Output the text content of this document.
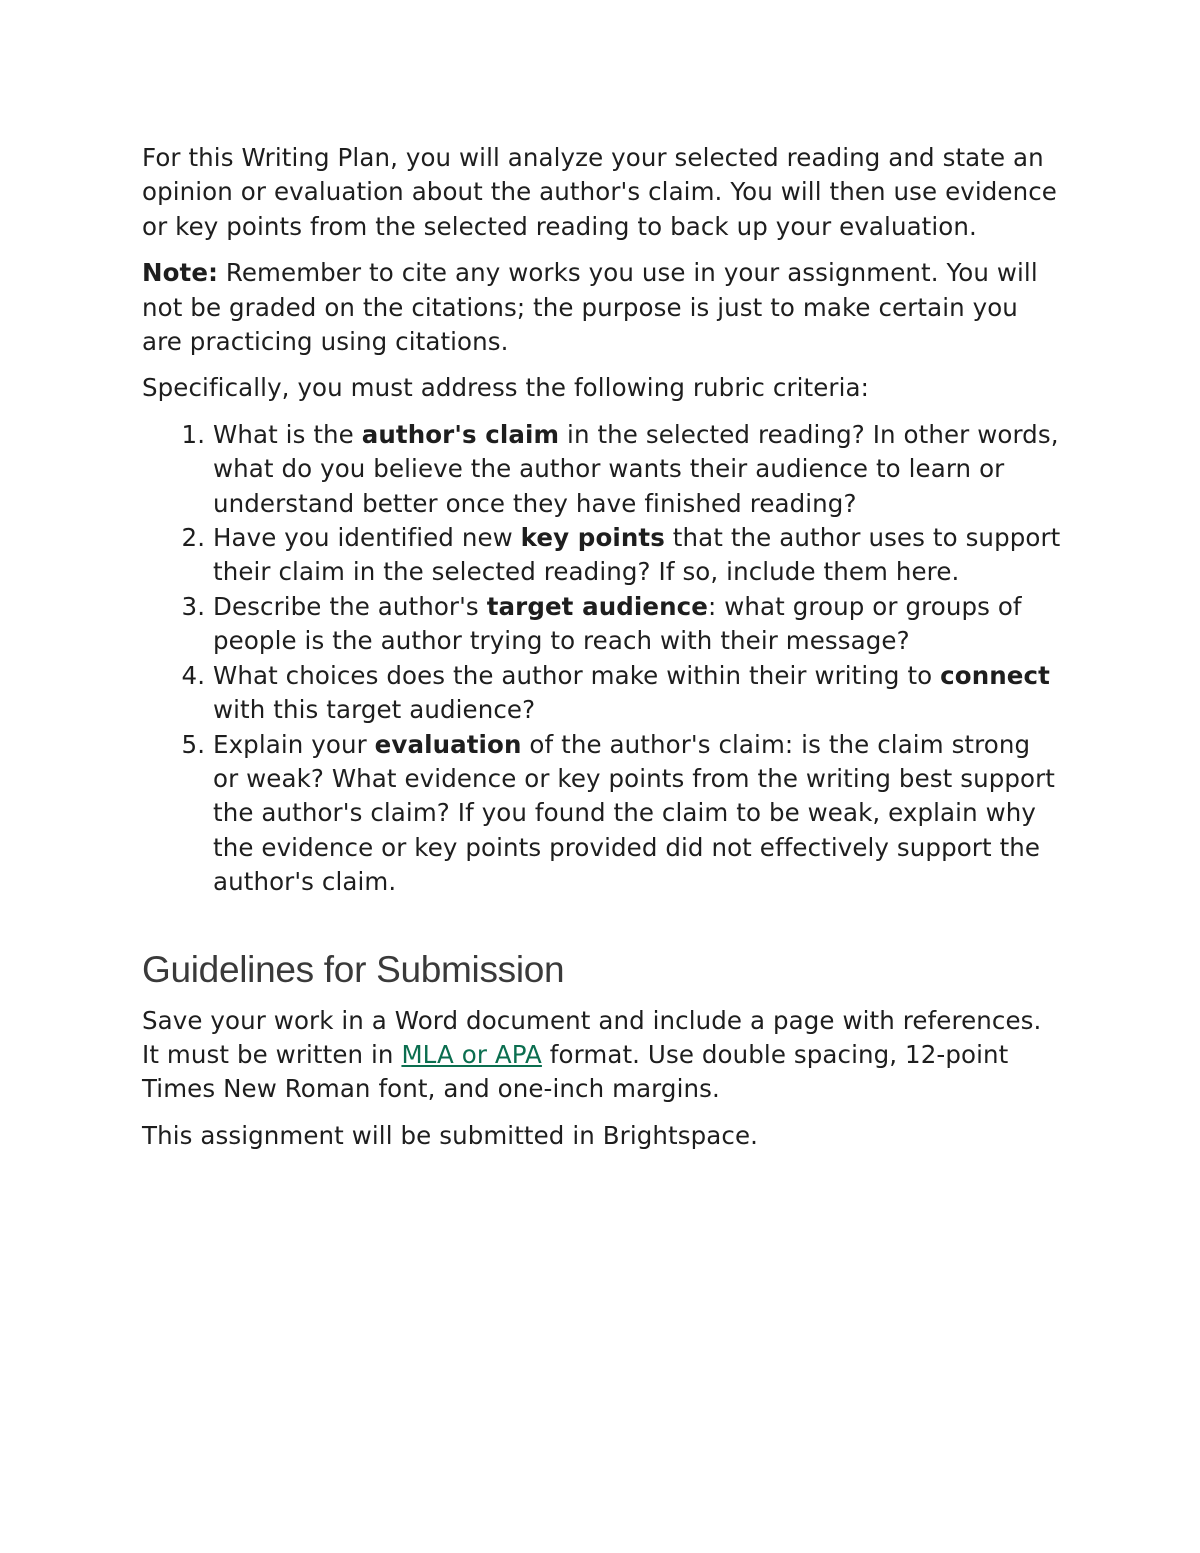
For this Writing Plan, you will analyze your selected reading and state an opinion or evaluation about the author's claim. You will then use evidence or key points from the selected reading to back up your evaluation.

Note: Remember to cite any works you use in your assignment. You will not be graded on the citations; the purpose is just to make certain you are practicing using citations.

Specifically, you must address the following rubric criteria:

1. What is the author's claim in the selected reading? In other words, what do you believe the author wants their audience to learn or understand better once they have finished reading?
2. Have you identified new key points that the author uses to support their claim in the selected reading? If so, include them here.
3. Describe the author's target audience: what group or groups of people is the author trying to reach with their message?
4. What choices does the author make within their writing to connect with this target audience?
5. Explain your evaluation of the author's claim: is the claim strong or weak? What evidence or key points from the writing best support the author's claim? If you found the claim to be weak, explain why the evidence or key points provided did not effectively support the author's claim.
Guidelines for Submission

Save your work in a Word document and include a page with references. It must be written in MLA or APA format. Use double spacing, 12-point Times New Roman font, and one-inch margins.

This assignment will be submitted in Brightspace.
